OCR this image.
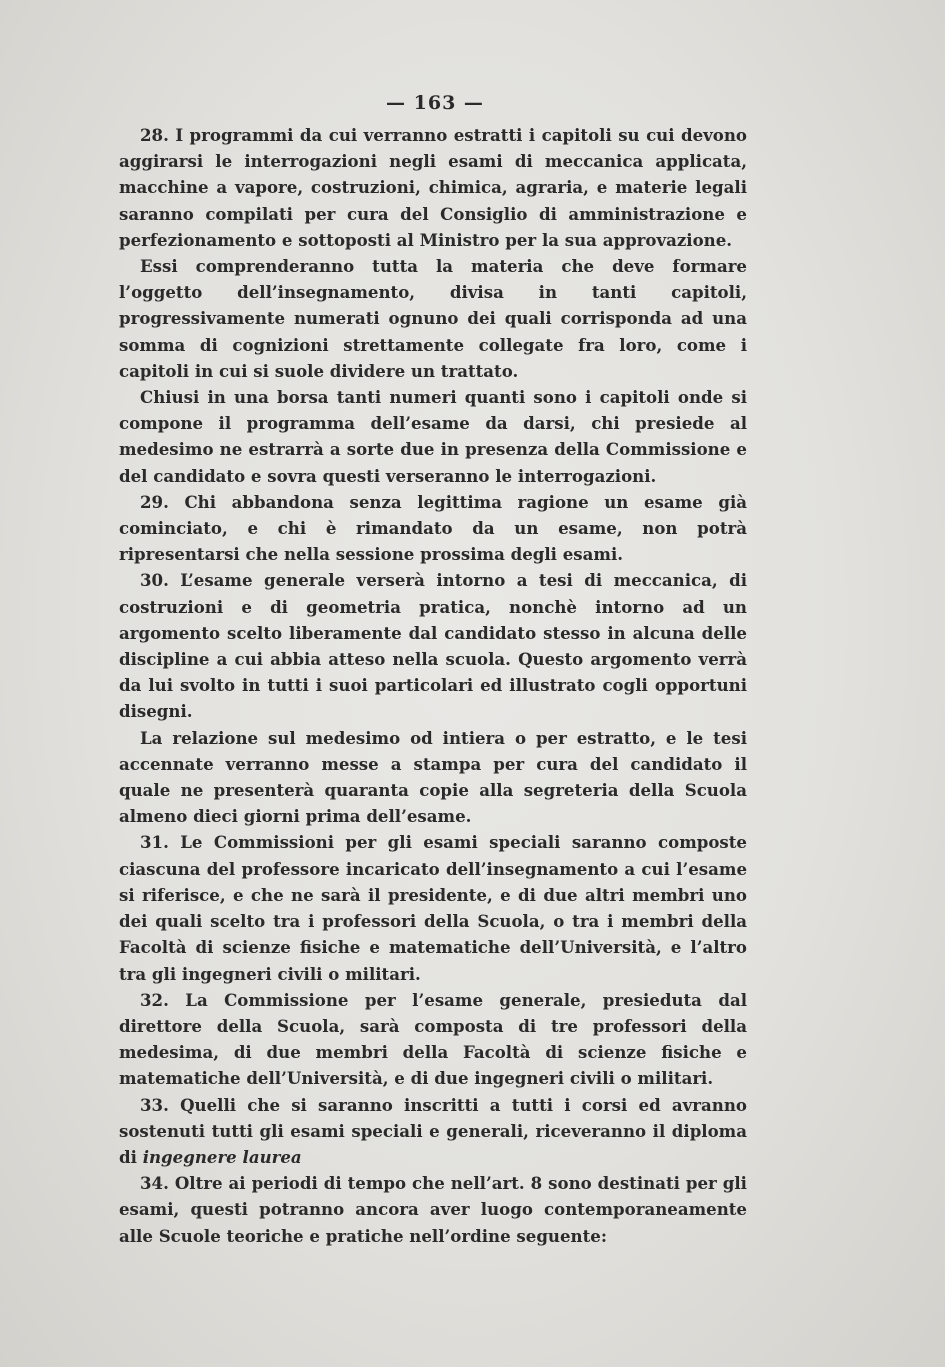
— 163 —

28. I programmi da cui verranno estratti i capitoli su cui devono aggirarsi le interrogazioni negli esami di meccanica applicata, macchine a vapore, costruzioni, chimica, agraria, e materie legali saranno compilati per cura del Consiglio di amministrazione e perfezionamento e sottoposti al Ministro per la sua approvazione.

Essi comprenderanno tutta la materia che deve formare l’oggetto dell’insegnamento, divisa in tanti capitoli, progressivamente numerati ognuno dei quali corrisponda ad una somma di cognizioni strettamente collegate fra loro, come i capitoli in cui si suole dividere un trattato.

Chiusi in una borsa tanti numeri quanti sono i capitoli onde si compone il programma dell’esame da darsi, chi presiede al medesimo ne estrarrà a sorte due in presenza della Commissione e del candidato e sovra questi verseranno le interrogazioni.

29. Chi abbandona senza legittima ragione un esame già cominciato, e chi è rimandato da un esame, non potrà ripresentarsi che nella sessione prossima degli esami.

30. L’esame generale verserà intorno a tesi di meccanica, di costruzioni e di geometria pratica, nonchè intorno ad un argomento scelto liberamente dal candidato stesso in alcuna delle discipline a cui abbia atteso nella scuola. Questo argomento verrà da lui svolto in tutti i suoi particolari ed illustrato cogli opportuni disegni.

La relazione sul medesimo od intiera o per estratto, e le tesi accennate verranno messe a stampa per cura del candidato il quale ne presenterà quaranta copie alla segreteria della Scuola almeno dieci giorni prima dell’esame.

31. Le Commissioni per gli esami speciali saranno composte ciascuna del professore incaricato dell’insegnamento a cui l’esame si riferisce, e che ne sarà il presidente, e di due altri membri uno dei quali scelto tra i professori della Scuola, o tra i membri della Facoltà di scienze fisiche e matematiche dell’Università, e l’altro tra gli ingegneri civili o militari.

32. La Commissione per l’esame generale, presieduta dal direttore della Scuola, sarà composta di tre professori della medesima, di due membri della Facoltà di scienze fisiche e matematiche dell’Università, e di due ingegneri civili o militari.

33. Quelli che si saranno inscritti a tutti i corsi ed avranno sostenuti tutti gli esami speciali e generali, riceveranno il diploma di ingegnere laurea

34. Oltre ai periodi di tempo che nell’art. 8 sono destinati per gli esami, questi potranno ancora aver luogo contemporaneamente alle Scuole teoriche e pratiche nell’ordine seguente:
